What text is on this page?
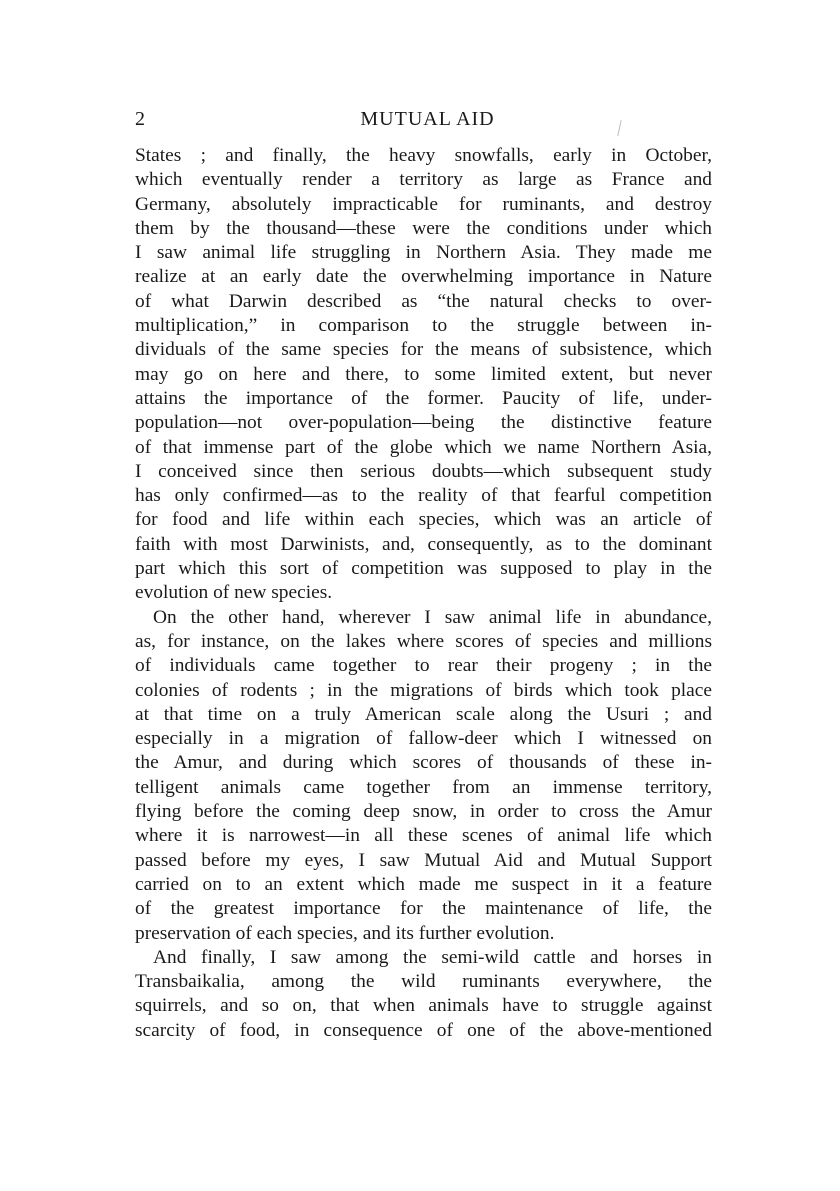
2	MUTUAL AID
States ; and finally, the heavy snowfalls, early in October,
which eventually render a territory as large as France and
Germany, absolutely impracticable for ruminants, and destroy
them by the thousand—these were the conditions under which
I saw animal life struggling in Northern Asia. They made me
realize at an early date the overwhelming importance in Nature
of what Darwin described as “the natural checks to over-
multiplication,” in comparison to the struggle between in-
dividuals of the same species for the means of subsistence, which
may go on here and there, to some limited extent, but never
attains the importance of the former. Paucity of life, under-
population—not over-population—being the distinctive feature
of that immense part of the globe which we name Northern Asia,
I conceived since then serious doubts—which subsequent study
has only confirmed—as to the reality of that fearful competition
for food and life within each species, which was an article of
faith with most Darwinists, and, consequently, as to the dominant
part which this sort of competition was supposed to play in the
evolution of new species.
On the other hand, wherever I saw animal life in abundance,
as, for instance, on the lakes where scores of species and millions
of individuals came together to rear their progeny ; in the
colonies of rodents ; in the migrations of birds which took place
at that time on a truly American scale along the Usuri ; and
especially in a migration of fallow-deer which I witnessed on
the Amur, and during which scores of thousands of these in-
telligent animals came together from an immense territory,
flying before the coming deep snow, in order to cross the Amur
where it is narrowest—in all these scenes of animal life which
passed before my eyes, I saw Mutual Aid and Mutual Support
carried on to an extent which made me suspect in it a feature
of the greatest importance for the maintenance of life, the
preservation of each species, and its further evolution.
And finally, I saw among the semi-wild cattle and horses in
Transbaikalia, among the wild ruminants everywhere, the
squirrels, and so on, that when animals have to struggle against
scarcity of food, in consequence of one of the above-mentioned
